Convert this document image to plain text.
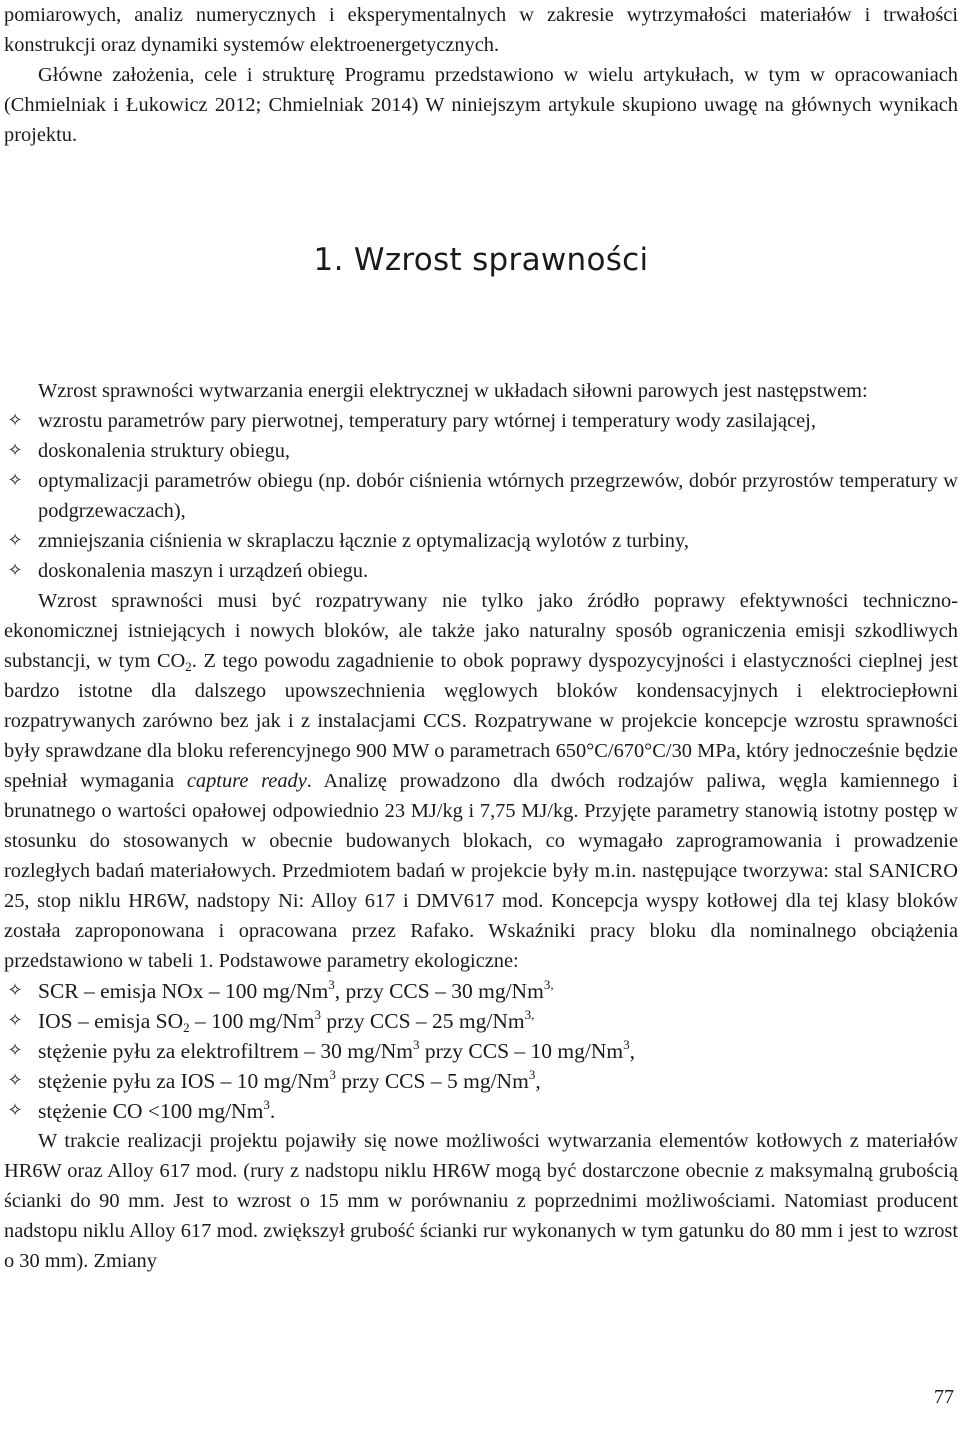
pomiarowych, analiz numerycznych i eksperymentalnych w zakresie wytrzymałości materiałów i trwałości konstrukcji oraz dynamiki systemów elektroenergetycznych.

Główne założenia, cele i strukturę Programu przedstawiono w wielu artykułach, w tym w opracowaniach (Chmielniak i Łukowicz 2012; Chmielniak 2014) W niniejszym artykule skupiono uwagę na głównych wynikach projektu.

1. Wzrost sprawności

Wzrost sprawności wytwarzania energii elektrycznej w układach siłowni parowych jest następstwem:

✧ wzrostu parametrów pary pierwotnej, temperatury pary wtórnej i temperatury wody zasilającej,
✧ doskonalenia struktury obiegu,
✧ optymalizacji parametrów obiegu (np. dobór ciśnienia wtórnych przegrzewów, dobór przyrostów temperatury w podgrzewaczach),
✧ zmniejszania ciśnienia w skraplaczu łącznie z optymalizacją wylotów z turbiny,
✧ doskonalenia maszyn i urządzeń obiegu.

Wzrost sprawności musi być rozpatrywany nie tylko jako źródło poprawy efektywności techniczno-ekonomicznej istniejących i nowych bloków, ale także jako naturalny sposób ograniczenia emisji szkodliwych substancji, w tym $CO_2$. Z tego powodu zagadnienie to obok poprawy dyspozycyjności i elastyczności cieplnej jest bardzo istotne dla dalszego upowszechnienia węglowych bloków kondensacyjnych i elektrociepłowni rozpatrywanych zarówno bez jak i z instalacjami CCS. Rozpatrywane w projekcie koncepcje wzrostu sprawności były sprawdzane dla bloku referencyjnego 900 MW o parametrach 650°C/670°C/30 MPa, który jednocześnie będzie spełniał wymagania capture ready. Analizę prowadzono dla dwóch rodzajów paliwa, węgla kamiennego i brunatnego o wartości opałowej odpowiednio 23 MJ/kg i 7,75 MJ/kg. Przyjęte parametry stanowią istotny postęp w stosunku do stosowanych w obecnie budowanych blokach, co wymagało zaprogramowania i prowadzenie rozległych badań materiałowych. Przedmiotem badań w projekcie były m.in. następujące tworzywa: stal SANICRO 25, stop niklu HR6W, nadstopy Ni: Alloy 617 i DMV617 mod. Koncepcja wyspy kotłowej dla tej klasy bloków została zaproponowana i opracowana przez Rafako. Wskaźniki pracy bloku dla nominalnego obciążenia przedstawiono w tabeli 1. Podstawowe parametry ekologiczne:

✧ SCR – emisja NOx – 100 mg/Nm$^3$, przy CCS – 30 $mg/Nm^{3,}$
✧ IOS – emisja $SO_2 - 100$ mg/Nm$^3$ przy CCS – 25 $mg/Nm^{3,}$
✧ stężenie pyłu za elektrofiltrem – 30 mg/Nm$^3$ przy CCS – 10 mg/Nm$^3$,
✧ stężenie pyłu za IOS – 10 mg/Nm$^3$ przy CCS – 5 mg/Nm$^3$,
✧ stężenie CO <100 mg/Nm$^3$.

W trakcie realizacji projektu pojawiły się nowe możliwości wytwarzania elementów kotłowych z materiałów HR6W oraz Alloy 617 mod. (rury z nadstopu niklu HR6W mogą być dostarczone obecnie z maksymalną grubością ścianki do 90 mm. Jest to wzrost o 15 mm w porównaniu z poprzednimi możliwościami. Natomiast producent nadstopu niklu Alloy 617 mod. zwiększył grubość ścianki rur wykonanych w tym gatunku do 80 mm i jest to wzrost o 30 mm). Zmiany

77
